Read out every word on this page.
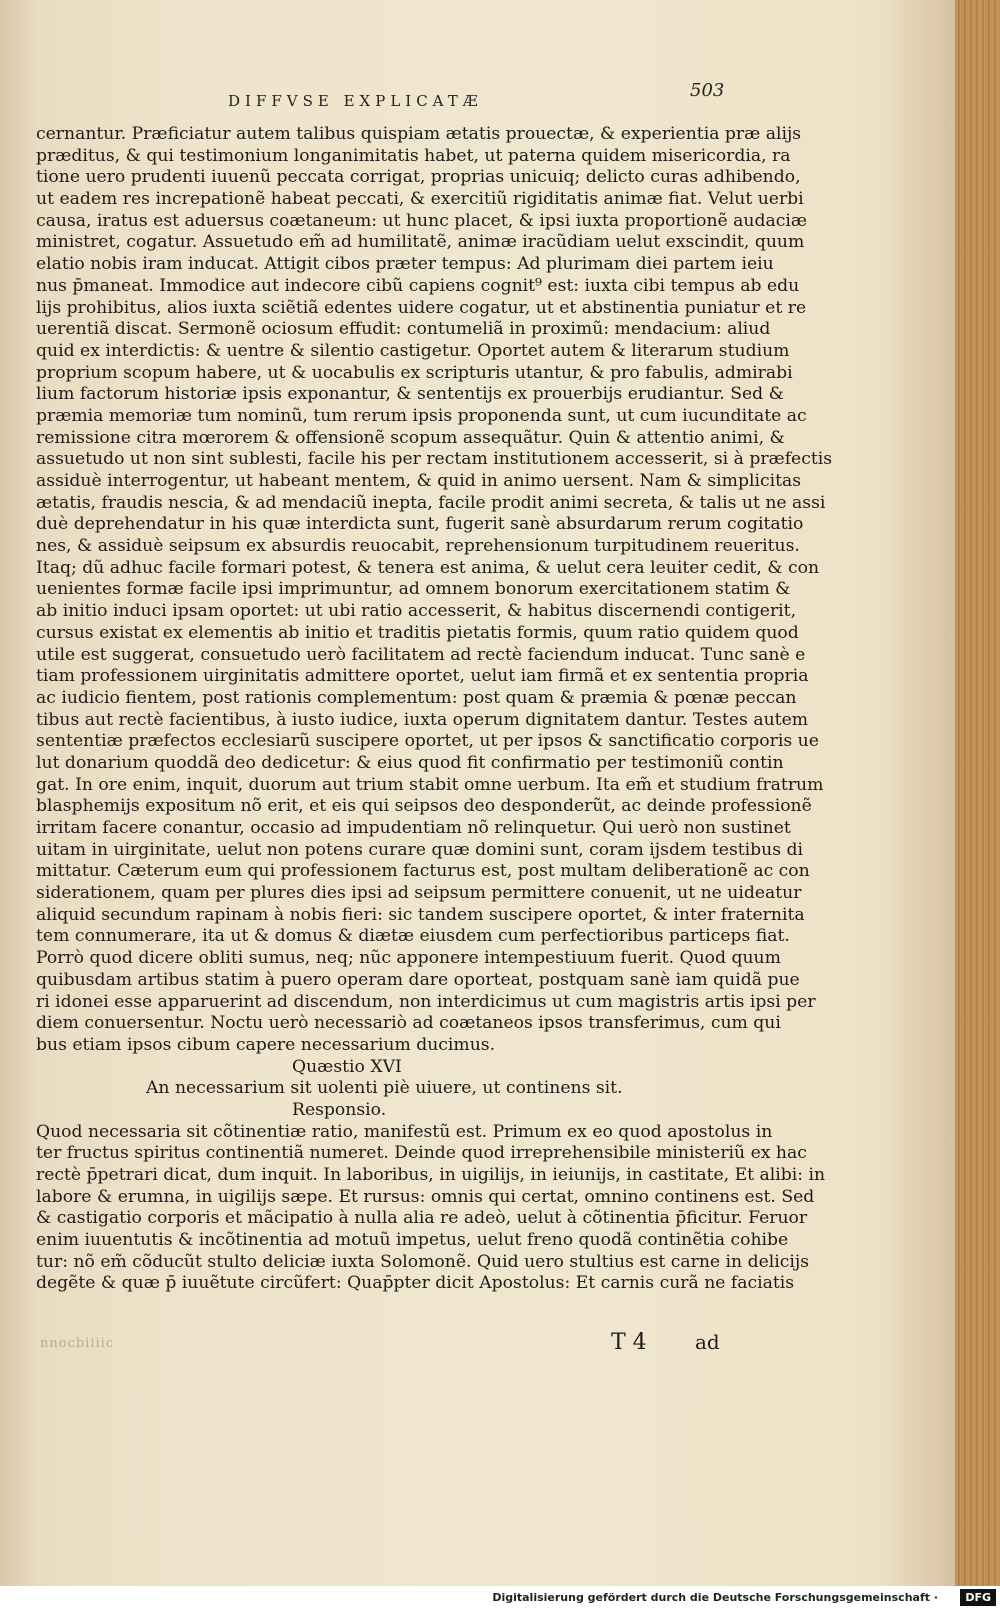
DIFFVSE EXPLICATÆ	503
cernantur. Præficiatur autem talibus quispiam ætatis prouectæ, & experientia præ alijs
præditus, & qui testimonium longanimitatis habet, ut paterna quidem misericordia, ra
tione uero prudenti iuuenũ peccata corrigat, proprias unicuiq; delicto curas adhibendo,
ut eadem res increpationẽ habeat peccati, & exercitiũ rigiditatis animæ fiat. Velut uerbi
causa, iratus est aduersus coætaneum: ut hunc placet, & ipsi iuxta proportionẽ audaciæ
ministret, cogatur. Assuetudo em̃ ad humilitatẽ, animæ iracũdiam uelut exscindit, quum
elatio nobis iram inducat. Attigit cibos præter tempus: Ad plurimam diei partem ieiu
nus p̄maneat. Immodice aut indecore cibũ capiens cognit⁹ est: iuxta cibi tempus ab edu
lijs prohibitus, alios iuxta sciẽtiã edentes uidere cogatur, ut et abstinentia puniatur et re
uerentiã discat. Sermonẽ ociosum effudit: contumeliã in proximũ: mendacium: aliud
quid ex interdictis: & uentre & silentio castigetur. Oportet autem & literarum studium
proprium scopum habere, ut & uocabulis ex scripturis utantur, & pro fabulis, admirabi
lium factorum historiæ ipsis exponantur, & sententijs ex prouerbijs erudiantur. Sed &
præmia memoriæ tum nominũ, tum rerum ipsis proponenda sunt, ut cum iucunditate ac
remissione citra mœrorem & offensionẽ scopum assequãtur. Quin & attentio animi, &
assuetudo ut non sint sublesti, facile his per rectam institutionem accesserit, si à præfectis
assiduè interrogentur, ut habeant mentem, & quid in animo uersent. Nam & simplicitas
ætatis, fraudis nescia, & ad mendaciũ inepta, facile prodit animi secreta, & talis ut ne assi
duè deprehendatur in his quæ interdicta sunt, fugerit sanè absurdarum rerum cogitatio
nes, & assiduè seipsum ex absurdis reuocabit, reprehensionum turpitudinem reueritus.
Itaq; dũ adhuc facile formari potest, & tenera est anima, & uelut cera leuiter cedit, & con
uenientes formæ facile ipsi imprimuntur, ad omnem bonorum exercitationem statim &
ab initio induci ipsam oportet: ut ubi ratio accesserit, & habitus discernendi contigerit,
cursus existat ex elementis ab initio et traditis pietatis formis, quum ratio quidem quod
utile est suggerat, consuetudo uerò facilitatem ad rectè faciendum inducat. Tunc sanè e
tiam professionem uirginitatis admittere oportet, uelut iam firmã et ex sententia propria
ac iudicio fientem, post rationis complementum: post quam & præmia & pœnæ peccan
tibus aut rectè facientibus, à iusto iudice, iuxta operum dignitatem dantur. Testes autem
sententiæ præfectos ecclesiarũ suscipere oportet, ut per ipsos & sanctificatio corporis ue
lut donarium quoddã deo dedicetur: & eius quod fit confirmatio per testimoniũ contin
gat. In ore enim, inquit, duorum aut trium stabit omne uerbum. Ita em̃ et studium fratrum
blasphemijs expositum nõ erit, et eis qui seipsos deo desponderũt, ac deinde professionẽ
irritam facere conantur, occasio ad impudentiam nõ relinquetur. Qui uerò non sustinet
uitam in uirginitate, uelut non potens curare quæ domini sunt, coram ijsdem testibus di
mittatur. Cæterum eum qui professionem facturus est, post multam deliberationẽ ac con
siderationem, quam per plures dies ipsi ad seipsum permittere conuenit, ut ne uideatur
aliquid secundum rapinam à nobis fieri: sic tandem suscipere oportet, & inter fraternita
tem connumerare, ita ut & domus & diætæ eiusdem cum perfectioribus particeps fiat.
Porrò quod dicere obliti sumus, neq; nũc apponere intempestiuum fuerit. Quod quum
quibusdam artibus statim à puero operam dare oporteat, postquam sanè iam quidã pue
ri idonei esse apparuerint ad discendum, non interdicimus ut cum magistris artis ipsi per
diem conuersentur. Noctu uerò necessariò ad coætaneos ipsos transferimus, cum qui
bus etiam ipsos cibum capere necessarium ducimus.
Quæstio XVI
An necessarium sit uolenti piè uiuere, ut continens sit.
Responsio.
Quod necessaria sit cõtinentiæ ratio, manifestũ est. Primum ex eo quod apostolus in
ter fructus spiritus continentiã numeret. Deinde quod irreprehensibile ministeriũ ex hac
rectè p̄petrari dicat, dum inquit. In laboribus, in uigilijs, in ieiunijs, in castitate, Et alibi: in
labore & erumna, in uigilijs sæpe. Et rursus: omnis qui certat, omnino continens est. Sed
& castigatio corporis et mãcipatio à nulla alia re adeò, uelut à cõtinentia p̄ficitur. Feruor
enim iuuentutis & incõtinentia ad motuũ impetus, uelut freno quodã continẽtia cohibe
tur: nõ em̃ cõducũt stulto deliciæ iuxta Solomonẽ. Quid uero stultius est carne in delicijs
degẽte & quæ p̄ iuuẽtute circũfert: Quap̄pter dicit Apostolus: Et carnis curã ne faciatis
nnocbiiiic	T 4 ad
Digitalisierung gefördert durch die Deutsche Forschungsgemeinschaft ·	DFG
